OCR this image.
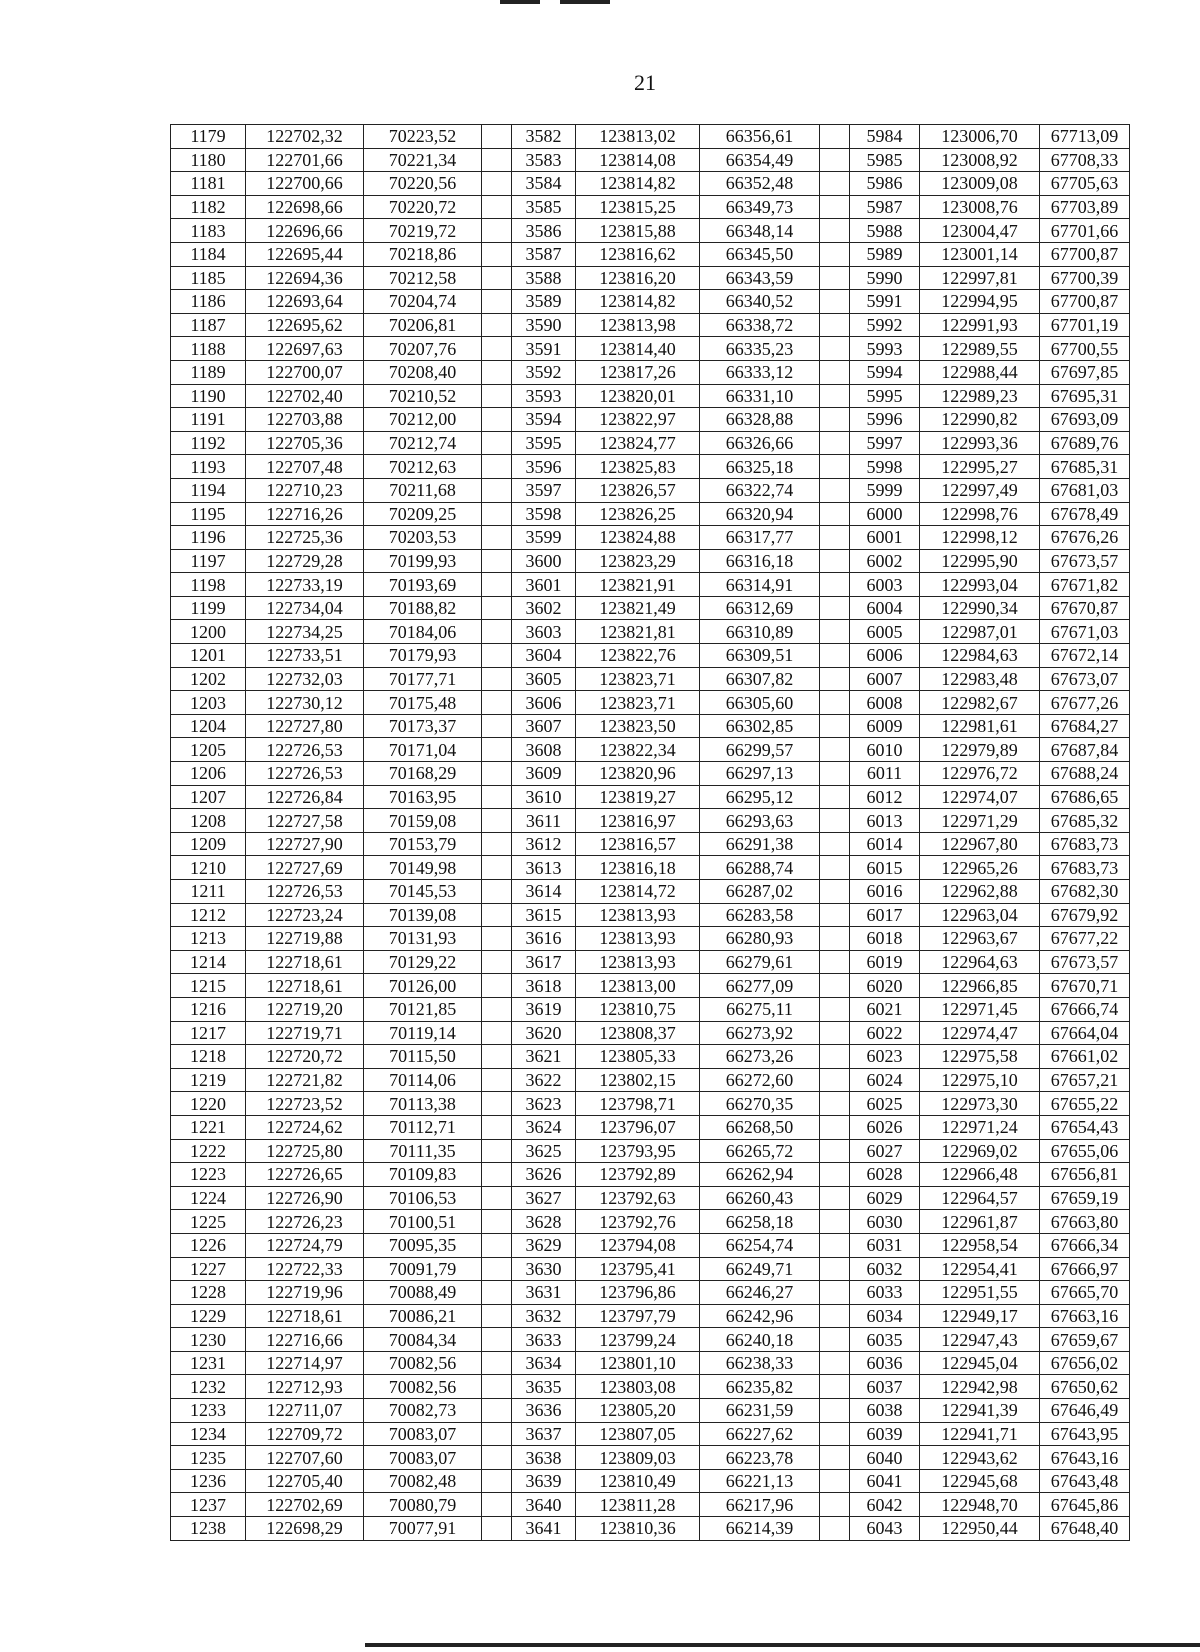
21
1179	122702,32	70223,52		3582	123813,02	66356,61		5984	123006,70	67713,09
1180	122701,66	70221,34		3583	123814,08	66354,49		5985	123008,92	67708,33
1181	122700,66	70220,56		3584	123814,82	66352,48		5986	123009,08	67705,63
1182	122698,66	70220,72		3585	123815,25	66349,73		5987	123008,76	67703,89
1183	122696,66	70219,72		3586	123815,88	66348,14		5988	123004,47	67701,66
1184	122695,44	70218,86		3587	123816,62	66345,50		5989	123001,14	67700,87
1185	122694,36	70212,58		3588	123816,20	66343,59		5990	122997,81	67700,39
1186	122693,64	70204,74		3589	123814,82	66340,52		5991	122994,95	67700,87
1187	122695,62	70206,81		3590	123813,98	66338,72		5992	122991,93	67701,19
1188	122697,63	70207,76		3591	123814,40	66335,23		5993	122989,55	67700,55
1189	122700,07	70208,40		3592	123817,26	66333,12		5994	122988,44	67697,85
1190	122702,40	70210,52		3593	123820,01	66331,10		5995	122989,23	67695,31
1191	122703,88	70212,00		3594	123822,97	66328,88		5996	122990,82	67693,09
1192	122705,36	70212,74		3595	123824,77	66326,66		5997	122993,36	67689,76
1193	122707,48	70212,63		3596	123825,83	66325,18		5998	122995,27	67685,31
1194	122710,23	70211,68		3597	123826,57	66322,74		5999	122997,49	67681,03
1195	122716,26	70209,25		3598	123826,25	66320,94		6000	122998,76	67678,49
1196	122725,36	70203,53		3599	123824,88	66317,77		6001	122998,12	67676,26
1197	122729,28	70199,93		3600	123823,29	66316,18		6002	122995,90	67673,57
1198	122733,19	70193,69		3601	123821,91	66314,91		6003	122993,04	67671,82
1199	122734,04	70188,82		3602	123821,49	66312,69		6004	122990,34	67670,87
1200	122734,25	70184,06		3603	123821,81	66310,89		6005	122987,01	67671,03
1201	122733,51	70179,93		3604	123822,76	66309,51		6006	122984,63	67672,14
1202	122732,03	70177,71		3605	123823,71	66307,82		6007	122983,48	67673,07
1203	122730,12	70175,48		3606	123823,71	66305,60		6008	122982,67	67677,26
1204	122727,80	70173,37		3607	123823,50	66302,85		6009	122981,61	67684,27
1205	122726,53	70171,04		3608	123822,34	66299,57		6010	122979,89	67687,84
1206	122726,53	70168,29		3609	123820,96	66297,13		6011	122976,72	67688,24
1207	122726,84	70163,95		3610	123819,27	66295,12		6012	122974,07	67686,65
1208	122727,58	70159,08		3611	123816,97	66293,63		6013	122971,29	67685,32
1209	122727,90	70153,79		3612	123816,57	66291,38		6014	122967,80	67683,73
1210	122727,69	70149,98		3613	123816,18	66288,74		6015	122965,26	67683,73
1211	122726,53	70145,53		3614	123814,72	66287,02		6016	122962,88	67682,30
1212	122723,24	70139,08		3615	123813,93	66283,58		6017	122963,04	67679,92
1213	122719,88	70131,93		3616	123813,93	66280,93		6018	122963,67	67677,22
1214	122718,61	70129,22		3617	123813,93	66279,61		6019	122964,63	67673,57
1215	122718,61	70126,00		3618	123813,00	66277,09		6020	122966,85	67670,71
1216	122719,20	70121,85		3619	123810,75	66275,11		6021	122971,45	67666,74
1217	122719,71	70119,14		3620	123808,37	66273,92		6022	122974,47	67664,04
1218	122720,72	70115,50		3621	123805,33	66273,26		6023	122975,58	67661,02
1219	122721,82	70114,06		3622	123802,15	66272,60		6024	122975,10	67657,21
1220	122723,52	70113,38		3623	123798,71	66270,35		6025	122973,30	67655,22
1221	122724,62	70112,71		3624	123796,07	66268,50		6026	122971,24	67654,43
1222	122725,80	70111,35		3625	123793,95	66265,72		6027	122969,02	67655,06
1223	122726,65	70109,83		3626	123792,89	66262,94		6028	122966,48	67656,81
1224	122726,90	70106,53		3627	123792,63	66260,43		6029	122964,57	67659,19
1225	122726,23	70100,51		3628	123792,76	66258,18		6030	122961,87	67663,80
1226	122724,79	70095,35		3629	123794,08	66254,74		6031	122958,54	67666,34
1227	122722,33	70091,79		3630	123795,41	66249,71		6032	122954,41	67666,97
1228	122719,96	70088,49		3631	123796,86	66246,27		6033	122951,55	67665,70
1229	122718,61	70086,21		3632	123797,79	66242,96		6034	122949,17	67663,16
1230	122716,66	70084,34		3633	123799,24	66240,18		6035	122947,43	67659,67
1231	122714,97	70082,56		3634	123801,10	66238,33		6036	122945,04	67656,02
1232	122712,93	70082,56		3635	123803,08	66235,82		6037	122942,98	67650,62
1233	122711,07	70082,73		3636	123805,20	66231,59		6038	122941,39	67646,49
1234	122709,72	70083,07		3637	123807,05	66227,62		6039	122941,71	67643,95
1235	122707,60	70083,07		3638	123809,03	66223,78		6040	122943,62	67643,16
1236	122705,40	70082,48		3639	123810,49	66221,13		6041	122945,68	67643,48
1237	122702,69	70080,79		3640	123811,28	66217,96		6042	122948,70	67645,86
1238	122698,29	70077,91		3641	123810,36	66214,39		6043	122950,44	67648,40
